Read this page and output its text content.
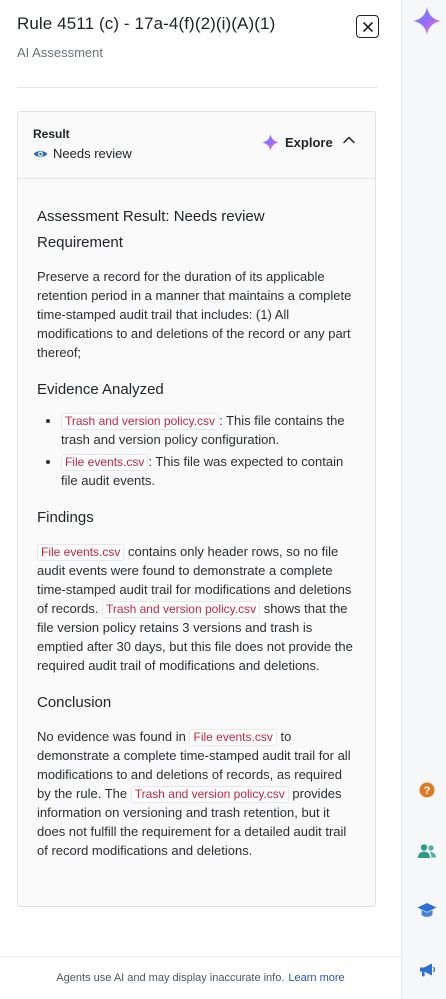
Rule 4511 (c) - 17a-4(f)(2)(i)(A)(1)
AI Assessment
Result
Needs review
Explore
Assessment Result: Needs review
Requirement
Preserve a record for the duration of its applicable retention period in a manner that maintains a complete time-stamped audit trail that includes: (1) All modifications to and deletions of the record or any part thereof;
Evidence Analyzed
• Trash and version policy.csv : This file contains the trash and version policy configuration.
• File events.csv : This file was expected to contain file audit events.
Findings
File events.csv contains only header rows, so no file audit events were found to demonstrate a complete time-stamped audit trail for modifications and deletions of records. Trash and version policy.csv shows that the file version policy retains 3 versions and trash is emptied after 30 days, but this file does not provide the required audit trail of modifications and deletions.
Conclusion
No evidence was found in File events.csv to demonstrate a complete time-stamped audit trail for all modifications to and deletions of records, as required by the rule. The Trash and version policy.csv provides information on versioning and trash retention, but it does not fulfill the requirement for a detailed audit trail of record modifications and deletions.
Agents use AI and may display inaccurate info. Learn more
?
